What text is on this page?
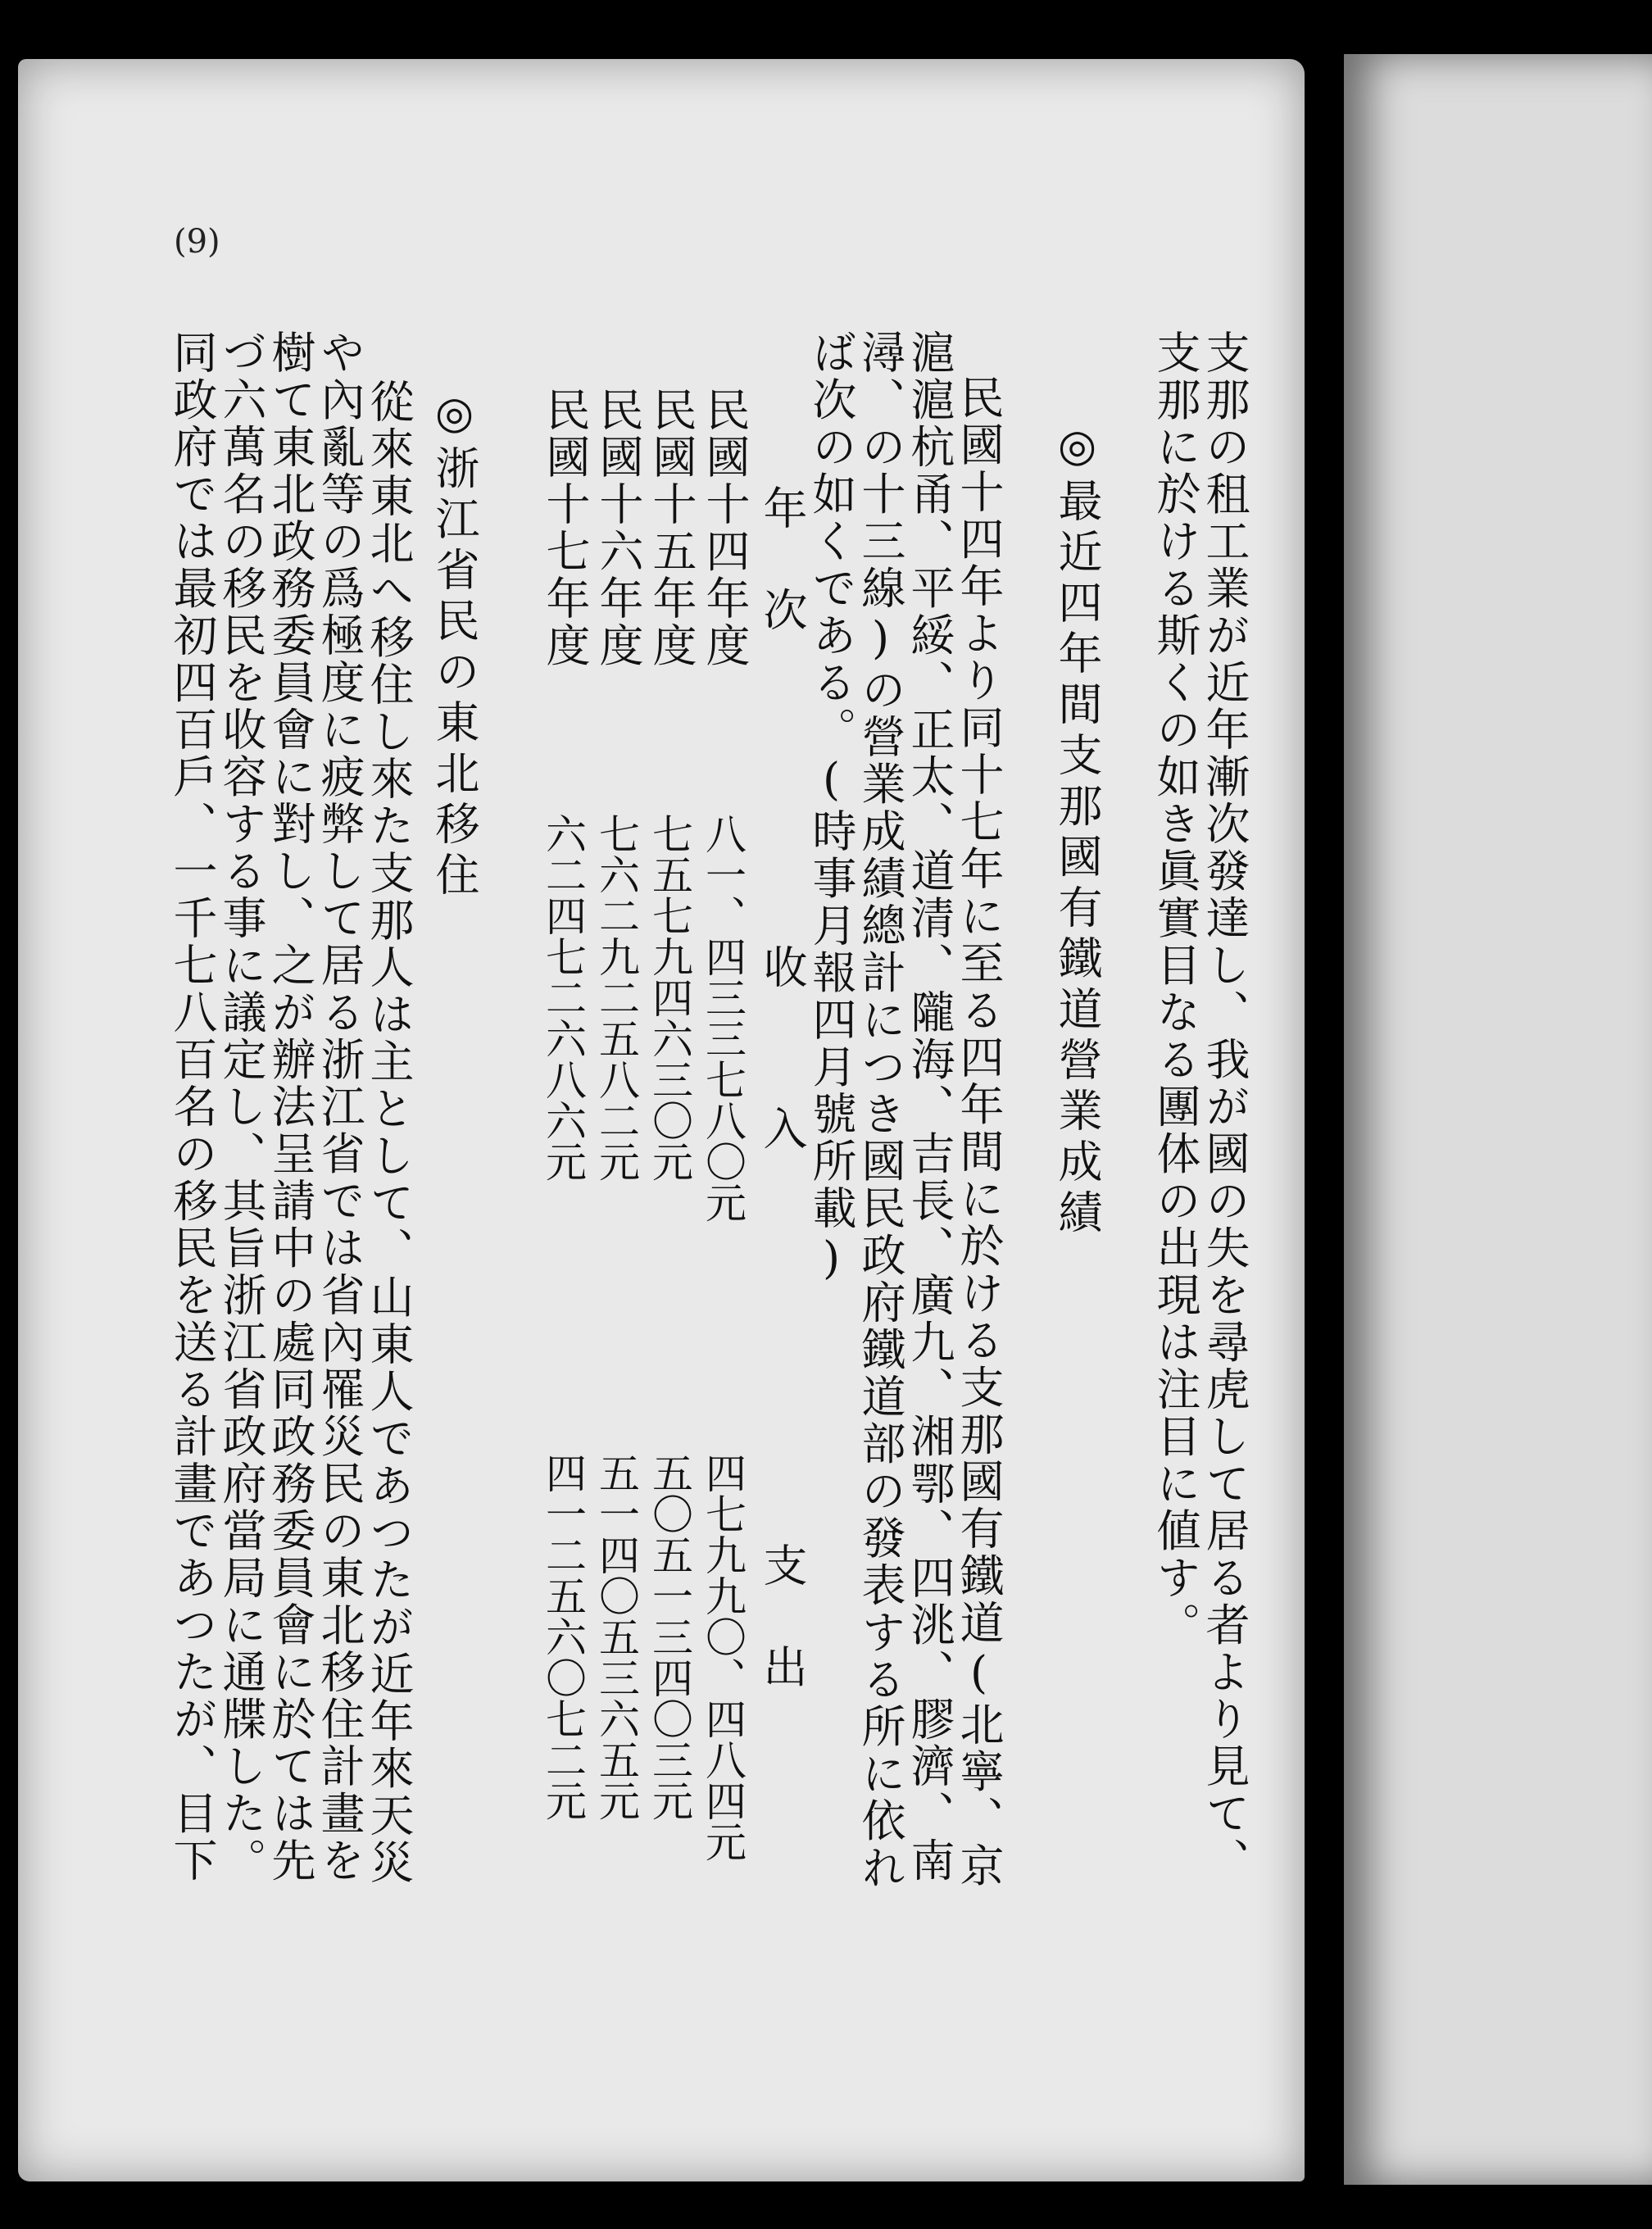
(9)
支那の租工業が近年漸次發達し、我が國の失を尋虎して居る者より見て、
支那に於ける斯くの如き眞實目なる團体の出現は注目に値す。
◎最近四年間支那國有鐵道營業成績
民國十四年より同十七年に至る四年間に於ける支那國有鐵道(北寧、京
滬滬杭甬、平綏、正太、道清、隴海、吉長、廣九、湘鄂、四洮、膠濟、南
潯、の十三線)の營業成績總計につき國民政府鐵道部の發表する所に依れ
ば次の如くである。(時事月報四月號所載)
年 次
收 入
支 出
民國十四年度
八一、四三三七八〇元
四七九九〇、四八四元
民國十五年度
七五七九四六三〇元
五〇五一三四〇三元
民國十六年度
七六二九二五八二元
五一四〇五三六五元
民國十七年度
六二四七二六八六元
四一二五六〇七二元
◎浙江省民の東北移住
從來東北へ移住し來た支那人は主として、山東人であつたが近年來天災
や內亂等の爲極度に疲弊して居る浙江省では省內罹災民の東北移住計畫を
樹て東北政務委員會に對し、之が辦法呈請中の處同政務委員會に於ては先
づ六萬名の移民を收容する事に議定し、其旨浙江省政府當局に通牒した。
同政府では最初四百戶、一千七八百名の移民を送る計畫であつたが、目下
